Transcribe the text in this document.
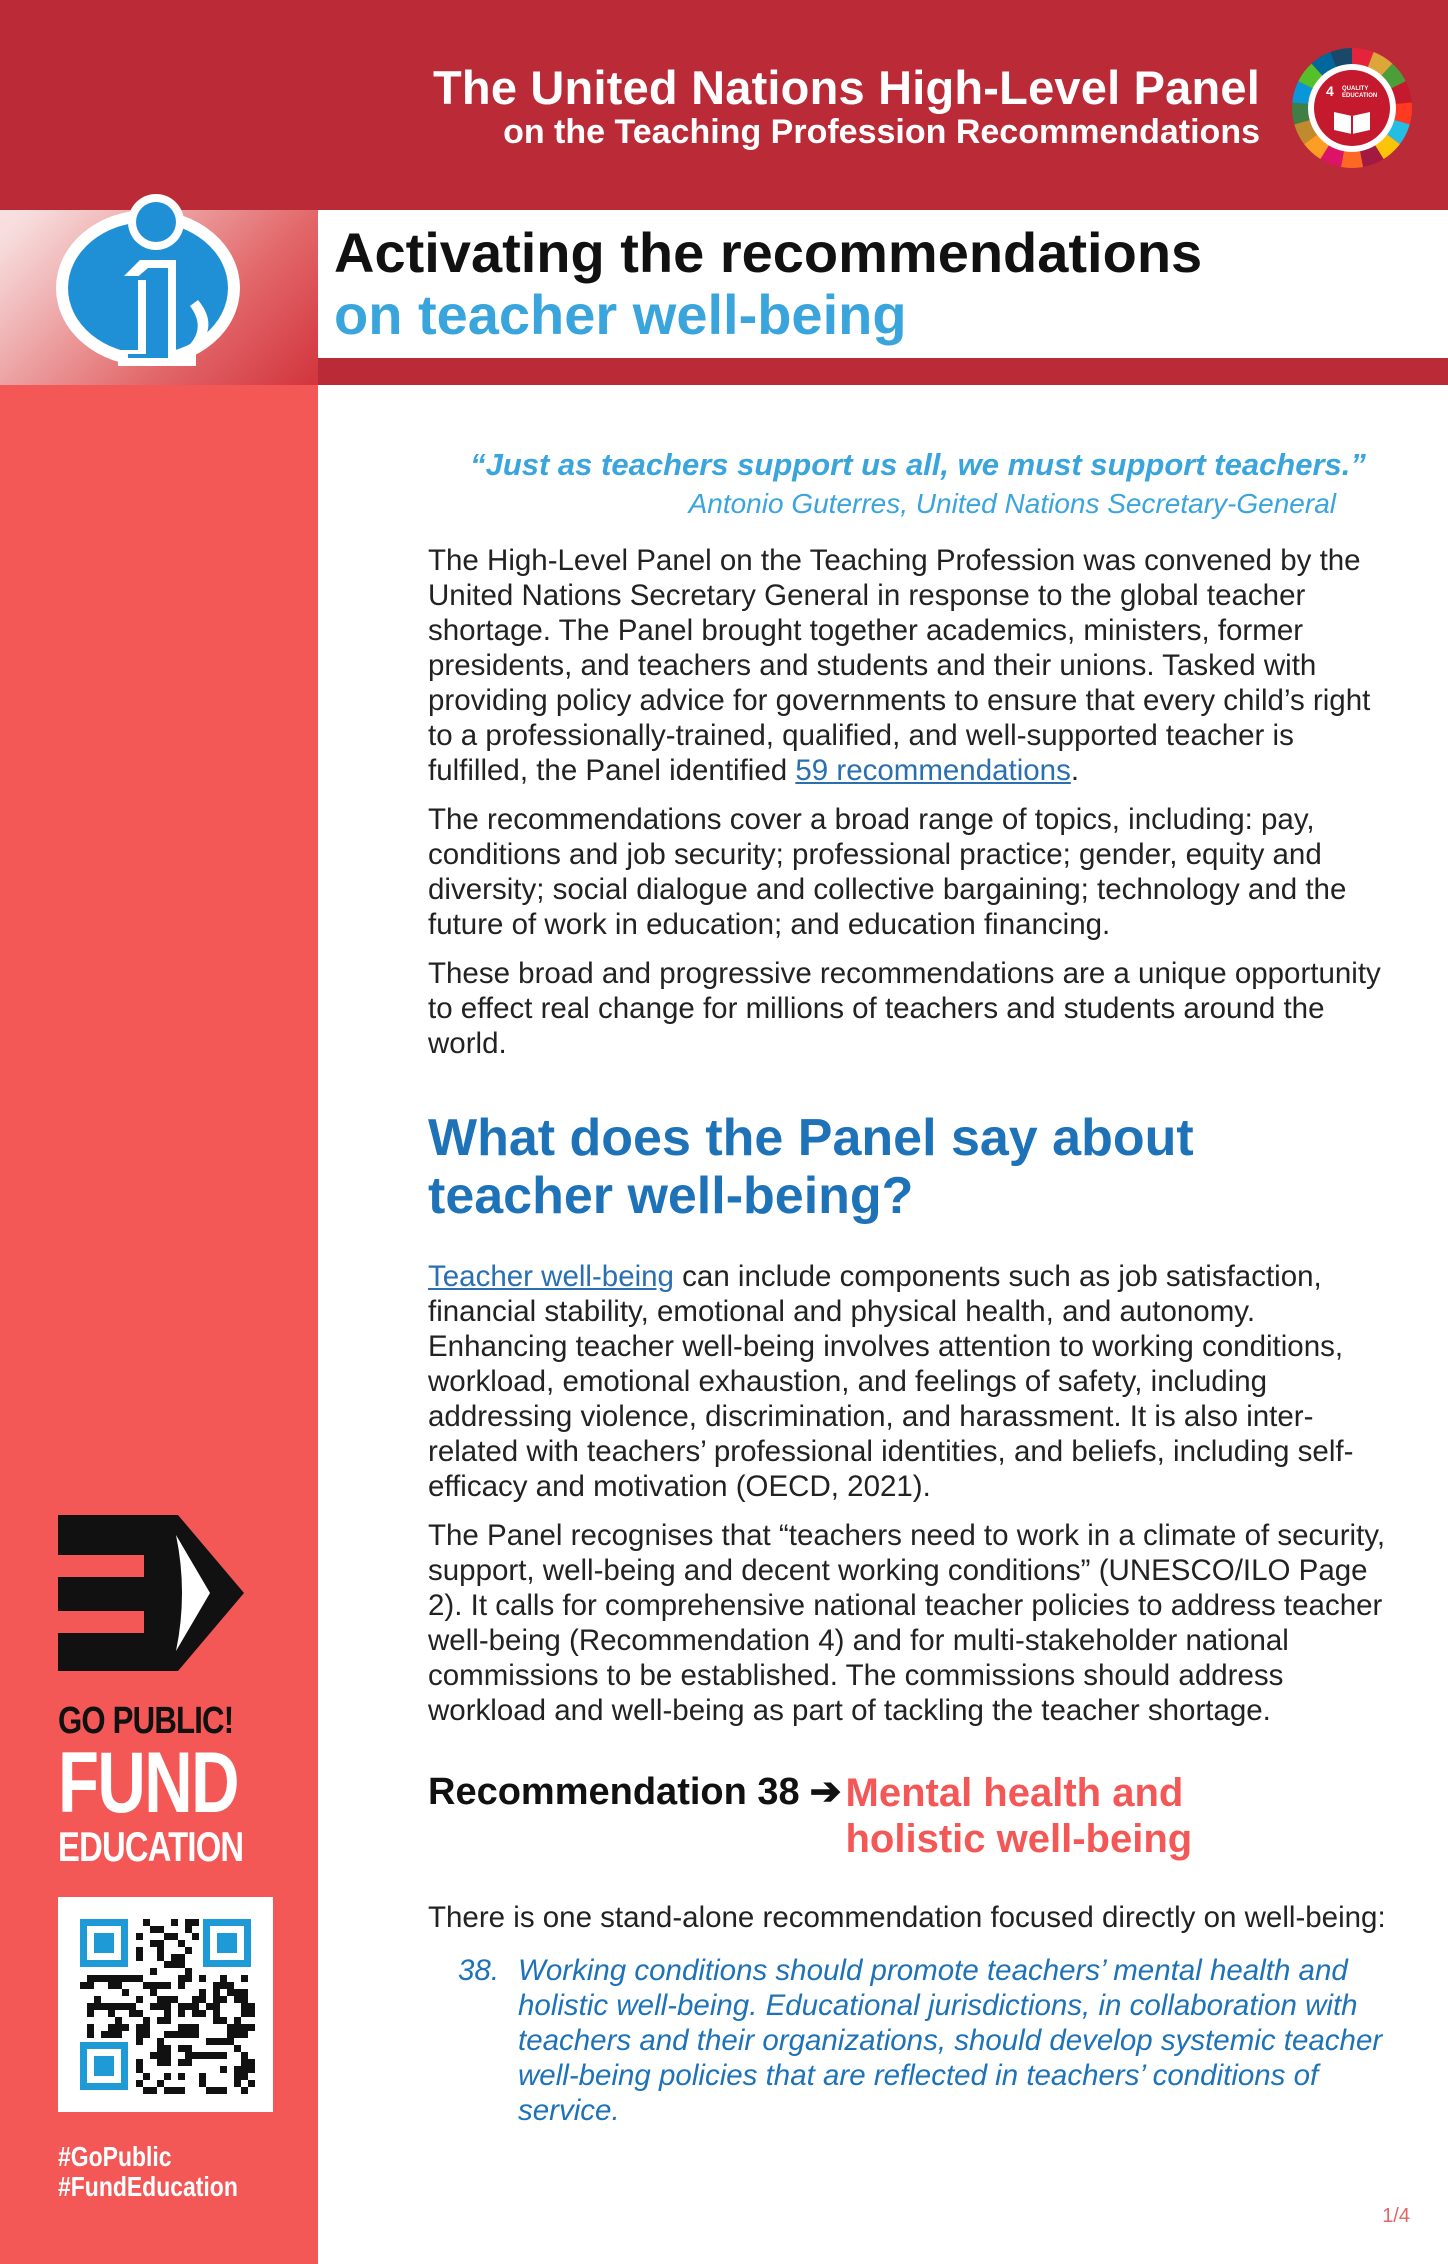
The United Nations High-Level Panel
on the Teaching Profession Recommendations
4 QUALITY
EDUCATION
Activating the recommendations
on teacher well-being
“Just as teachers support us all, we must support teachers.”
Antonio Guterres, United Nations Secretary-General

The High-Level Panel on the Teaching Profession was convened by the United Nations Secretary General in response to the global teacher shortage. The Panel brought together academics, ministers, former presidents, and teachers and students and their unions. Tasked with providing policy advice for governments to ensure that every child’s right to a professionally-trained, qualified, and well-supported teacher is fulfilled, the Panel identified 59 recommendations.

The recommendations cover a broad range of topics, including: pay, conditions and job security; professional practice; gender, equity and diversity; social dialogue and collective bargaining; technology and the future of work in education; and education financing.

These broad and progressive recommendations are a unique opportunity to effect real change for millions of teachers and students around the world.

What does the Panel say about
teacher well-being?

Teacher well-being can include components such as job satisfaction, financial stability, emotional and physical health, and autonomy. Enhancing teacher well-being involves attention to working conditions, workload, emotional exhaustion, and feelings of safety, including addressing violence, discrimination, and harassment. It is also inter-related with teachers’ professional identities, and beliefs, including self-efficacy and motivation (OECD, 2021).

The Panel recognises that “teachers need to work in a climate of security, support, well-being and decent working conditions” (UNESCO/ILO Page 2). It calls for comprehensive national teacher policies to address teacher well-being (Recommendation 4) and for multi-stakeholder national commissions to be established. The commissions should address workload and well-being as part of tackling the teacher shortage.

Recommendation 38 ➔ Mental health and
holistic well-being

There is one stand-alone recommendation focused directly on well-being:

38. Working conditions should promote teachers’ mental health and holistic well-being. Educational jurisdictions, in collaboration with teachers and their organizations, should develop systemic teacher well-being policies that are reflected in teachers’ conditions of service.
1/4
GO PUBLIC!
FUND
EDUCATION
#GoPublic
#FundEducation
